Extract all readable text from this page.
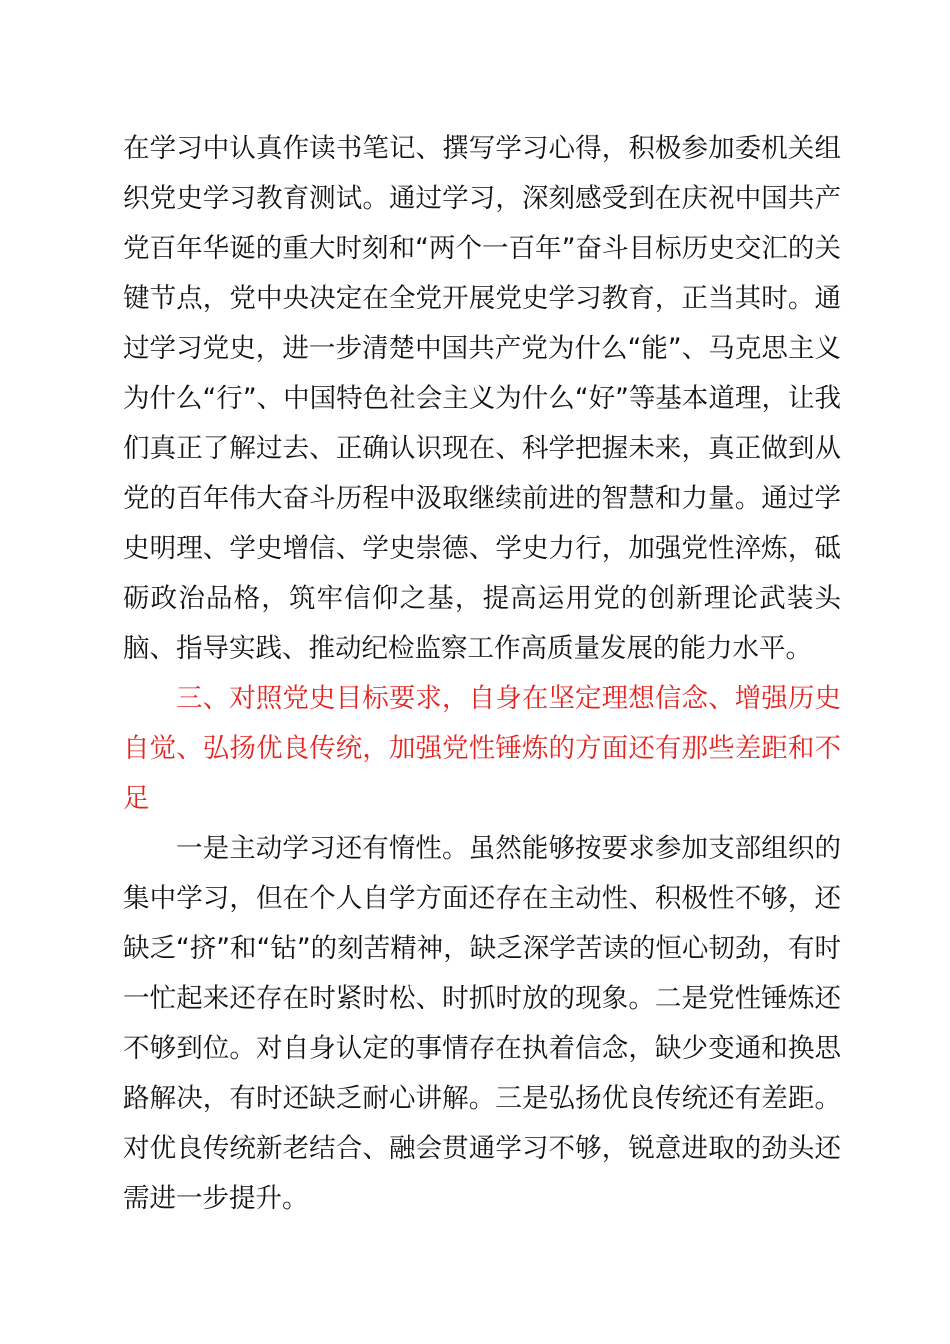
在学习中认真作读书笔记、撰写学习心得，积极参加委机关组织党史学习教育测试。通过学习，深刻感受到在庆祝中国共产党百年华诞的重大时刻和“两个一百年”奋斗目标历史交汇的关键节点，党中央决定在全党开展党史学习教育，正当其时。通过学习党史，进一步清楚中国共产党为什么“能”、马克思主义为什么“行”、中国特色社会主义为什么“好”等基本道理，让我们真正了解过去、正确认识现在、科学把握未来，真正做到从党的百年伟大奋斗历程中汲取继续前进的智慧和力量。通过学史明理、学史增信、学史崇德、学史力行，加强党性淬炼，砥砺政治品格，筑牢信仰之基，提高运用党的创新理论武装头脑、指导实践、推动纪检监察工作高质量发展的能力水平。

三、对照党史目标要求，自身在坚定理想信念、增强历史自觉、弘扬优良传统，加强党性锤炼的方面还有那些差距和不足

一是主动学习还有惰性。虽然能够按要求参加支部组织的集中学习，但在个人自学方面还存在主动性、积极性不够，还缺乏“挤”和“钻”的刻苦精神，缺乏深学苦读的恒心韧劲，有时一忙起来还存在时紧时松、时抓时放的现象。二是党性锤炼还不够到位。对自身认定的事情存在执着信念，缺少变通和换思路解决，有时还缺乏耐心讲解。三是弘扬优良传统还有差距。对优良传统新老结合、融会贯通学习不够，锐意进取的劲头还需进一步提升。
